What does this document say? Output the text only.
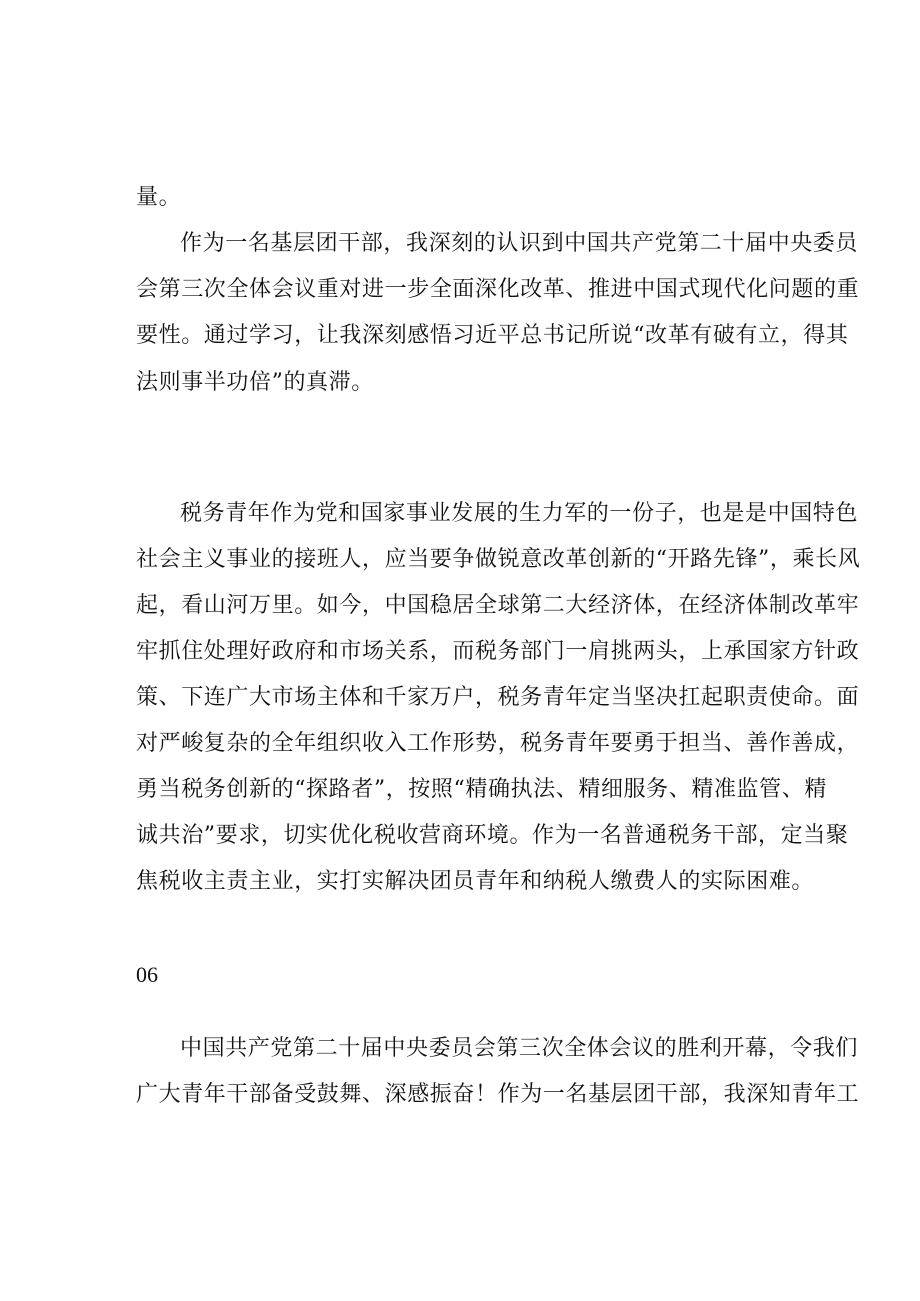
量。
作为一名基层团干部，我深刻的认识到中国共产党第二十届中央委员
会第三次全体会议重对进一步全面深化改革、推进中国式现代化问题的重
要性。通过学习，让我深刻感悟习近平总书记所说“改革有破有立，得其
法则事半功倍”的真滞。
税务青年作为党和国家事业发展的生力军的一份子，也是是中国特色
社会主义事业的接班人，应当要争做锐意改革创新的“开路先锋”，乘长风
起，看山河万里。如今，中国稳居全球第二大经济体，在经济体制改革牢
牢抓住处理好政府和市场关系，而税务部门一肩挑两头，上承国家方针政
策、下连广大市场主体和千家万户，税务青年定当坚决扛起职责使命。面
对严峻复杂的全年组织收入工作形势，税务青年要勇于担当、善作善成，
勇当税务创新的“探路者”，按照“精确执法、精细服务、精准监管、精
诚共治”要求，切实优化税收营商环境。作为一名普通税务干部，定当聚
焦税收主责主业，实打实解决团员青年和纳税人缴费人的实际困难。
06
中国共产党第二十届中央委员会第三次全体会议的胜利开幕，令我们
广大青年干部备受鼓舞、深感振奋！作为一名基层团干部，我深知青年工
